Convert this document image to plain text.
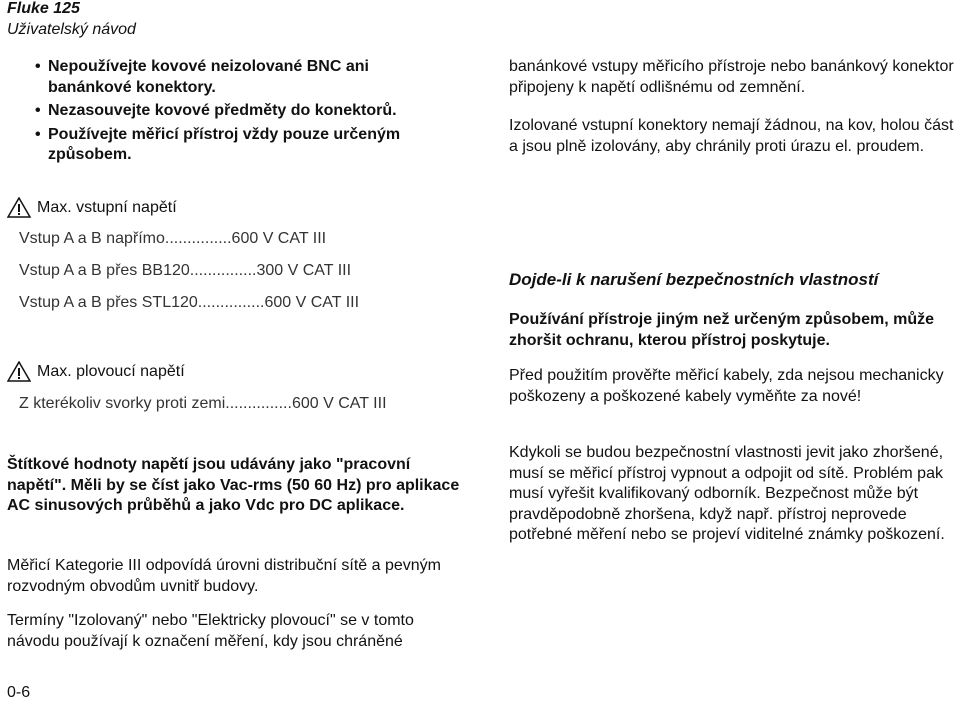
Fluke 125
Uživatelský návod
• Nepoužívejte kovové neizolované BNC ani banánkové konektory.
• Nezasouvejte kovové předměty do konektorů.
• Používejte měřicí přístroj vždy pouze určeným způsobem.
Max. vstupní napětí
Vstup A a B napřímo...............600 V CAT III
Vstup A a B přes BB120...............300 V CAT III
Vstup A a B přes STL120...............600 V CAT III
Max. plovoucí napětí
Z kterékoliv svorky proti zemi...............600 V CAT III
Štítkové hodnoty napětí jsou udávány jako "pracovní napětí". Měli by se číst jako Vac-rms (50 60 Hz) pro aplikace AC sinusových průběhů a jako Vdc pro DC aplikace.
Měřicí Kategorie III odpovídá úrovni distribuční sítě a pevným rozvodným obvodům uvnitř budovy.
Termíny "Izolovaný" nebo "Elektricky plovoucí" se v tomto návodu používají k označení měření, kdy jsou chráněné
banánkové vstupy měřicího přístroje nebo banánkový konektor připojeny k napětí odlišnému od zemnění.
Izolované vstupní konektory nemají žádnou, na kov, holou část a jsou plně izolovány, aby chránily proti úrazu el. proudem.
Dojde-li k narušení bezpečnostních vlastností
Používání přístroje jiným než určeným způsobem, může zhoršit ochranu, kterou přístroj poskytuje.
Před použitím prověřte měřicí kabely, zda nejsou mechanicky poškozeny a poškozené kabely vyměňte za nové!
Kdykoli se budou bezpečnostní vlastnosti jevit jako zhoršené, musí se měřicí přístroj vypnout a odpojit od sítě. Problém pak musí vyřešit kvalifikovaný odborník. Bezpečnost může být pravděpodobně zhoršena, když např. přístroj neprovede potřebné měření nebo se projeví viditelné známky poškození.
0-6
